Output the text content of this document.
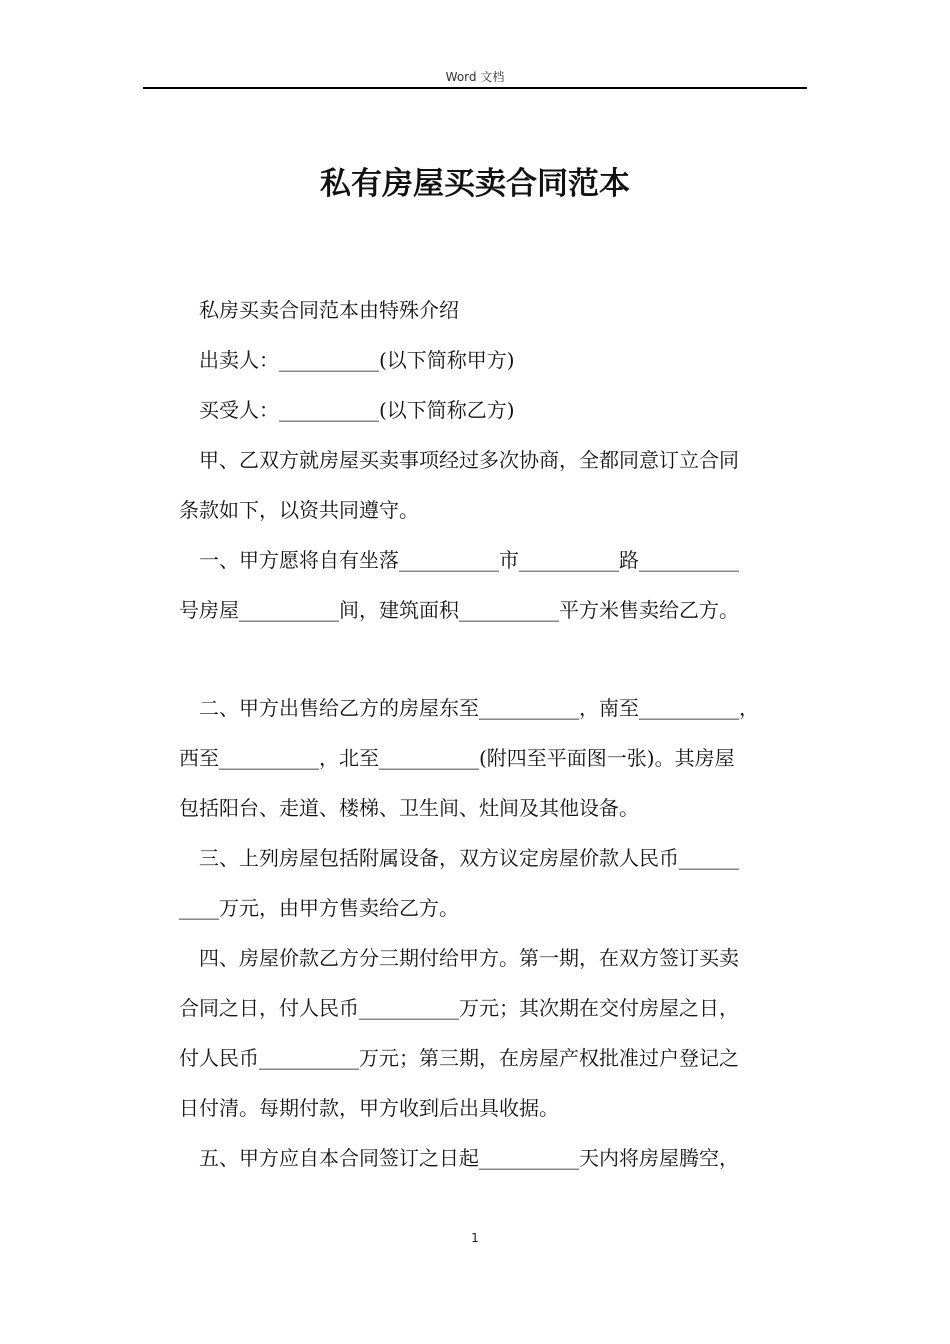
Word 文档
私有房屋买卖合同范本
私房买卖合同范本由特殊介绍
出卖人：__________(以下简称甲方)
买受人：__________(以下简称乙方)
甲、乙双方就房屋买卖事项经过多次协商，全都同意订立合同
条款如下，以资共同遵守。
一、甲方愿将自有坐落__________市__________路__________
号房屋__________间，建筑面积__________平方米售卖给乙方。
二、甲方出售给乙方的房屋东至__________，南至__________，
西至__________，北至__________(附四至平面图一张)。其房屋
包括阳台、走道、楼梯、卫生间、灶间及其他设备。
三、上列房屋包括附属设备，双方议定房屋价款人民币______
____万元，由甲方售卖给乙方。
四、房屋价款乙方分三期付给甲方。第一期，在双方签订买卖
合同之日，付人民币__________万元；其次期在交付房屋之日，
付人民币__________万元；第三期，在房屋产权批准过户登记之
日付清。每期付款，甲方收到后出具收据。
五、甲方应自本合同签订之日起__________天内将房屋腾空，
1
